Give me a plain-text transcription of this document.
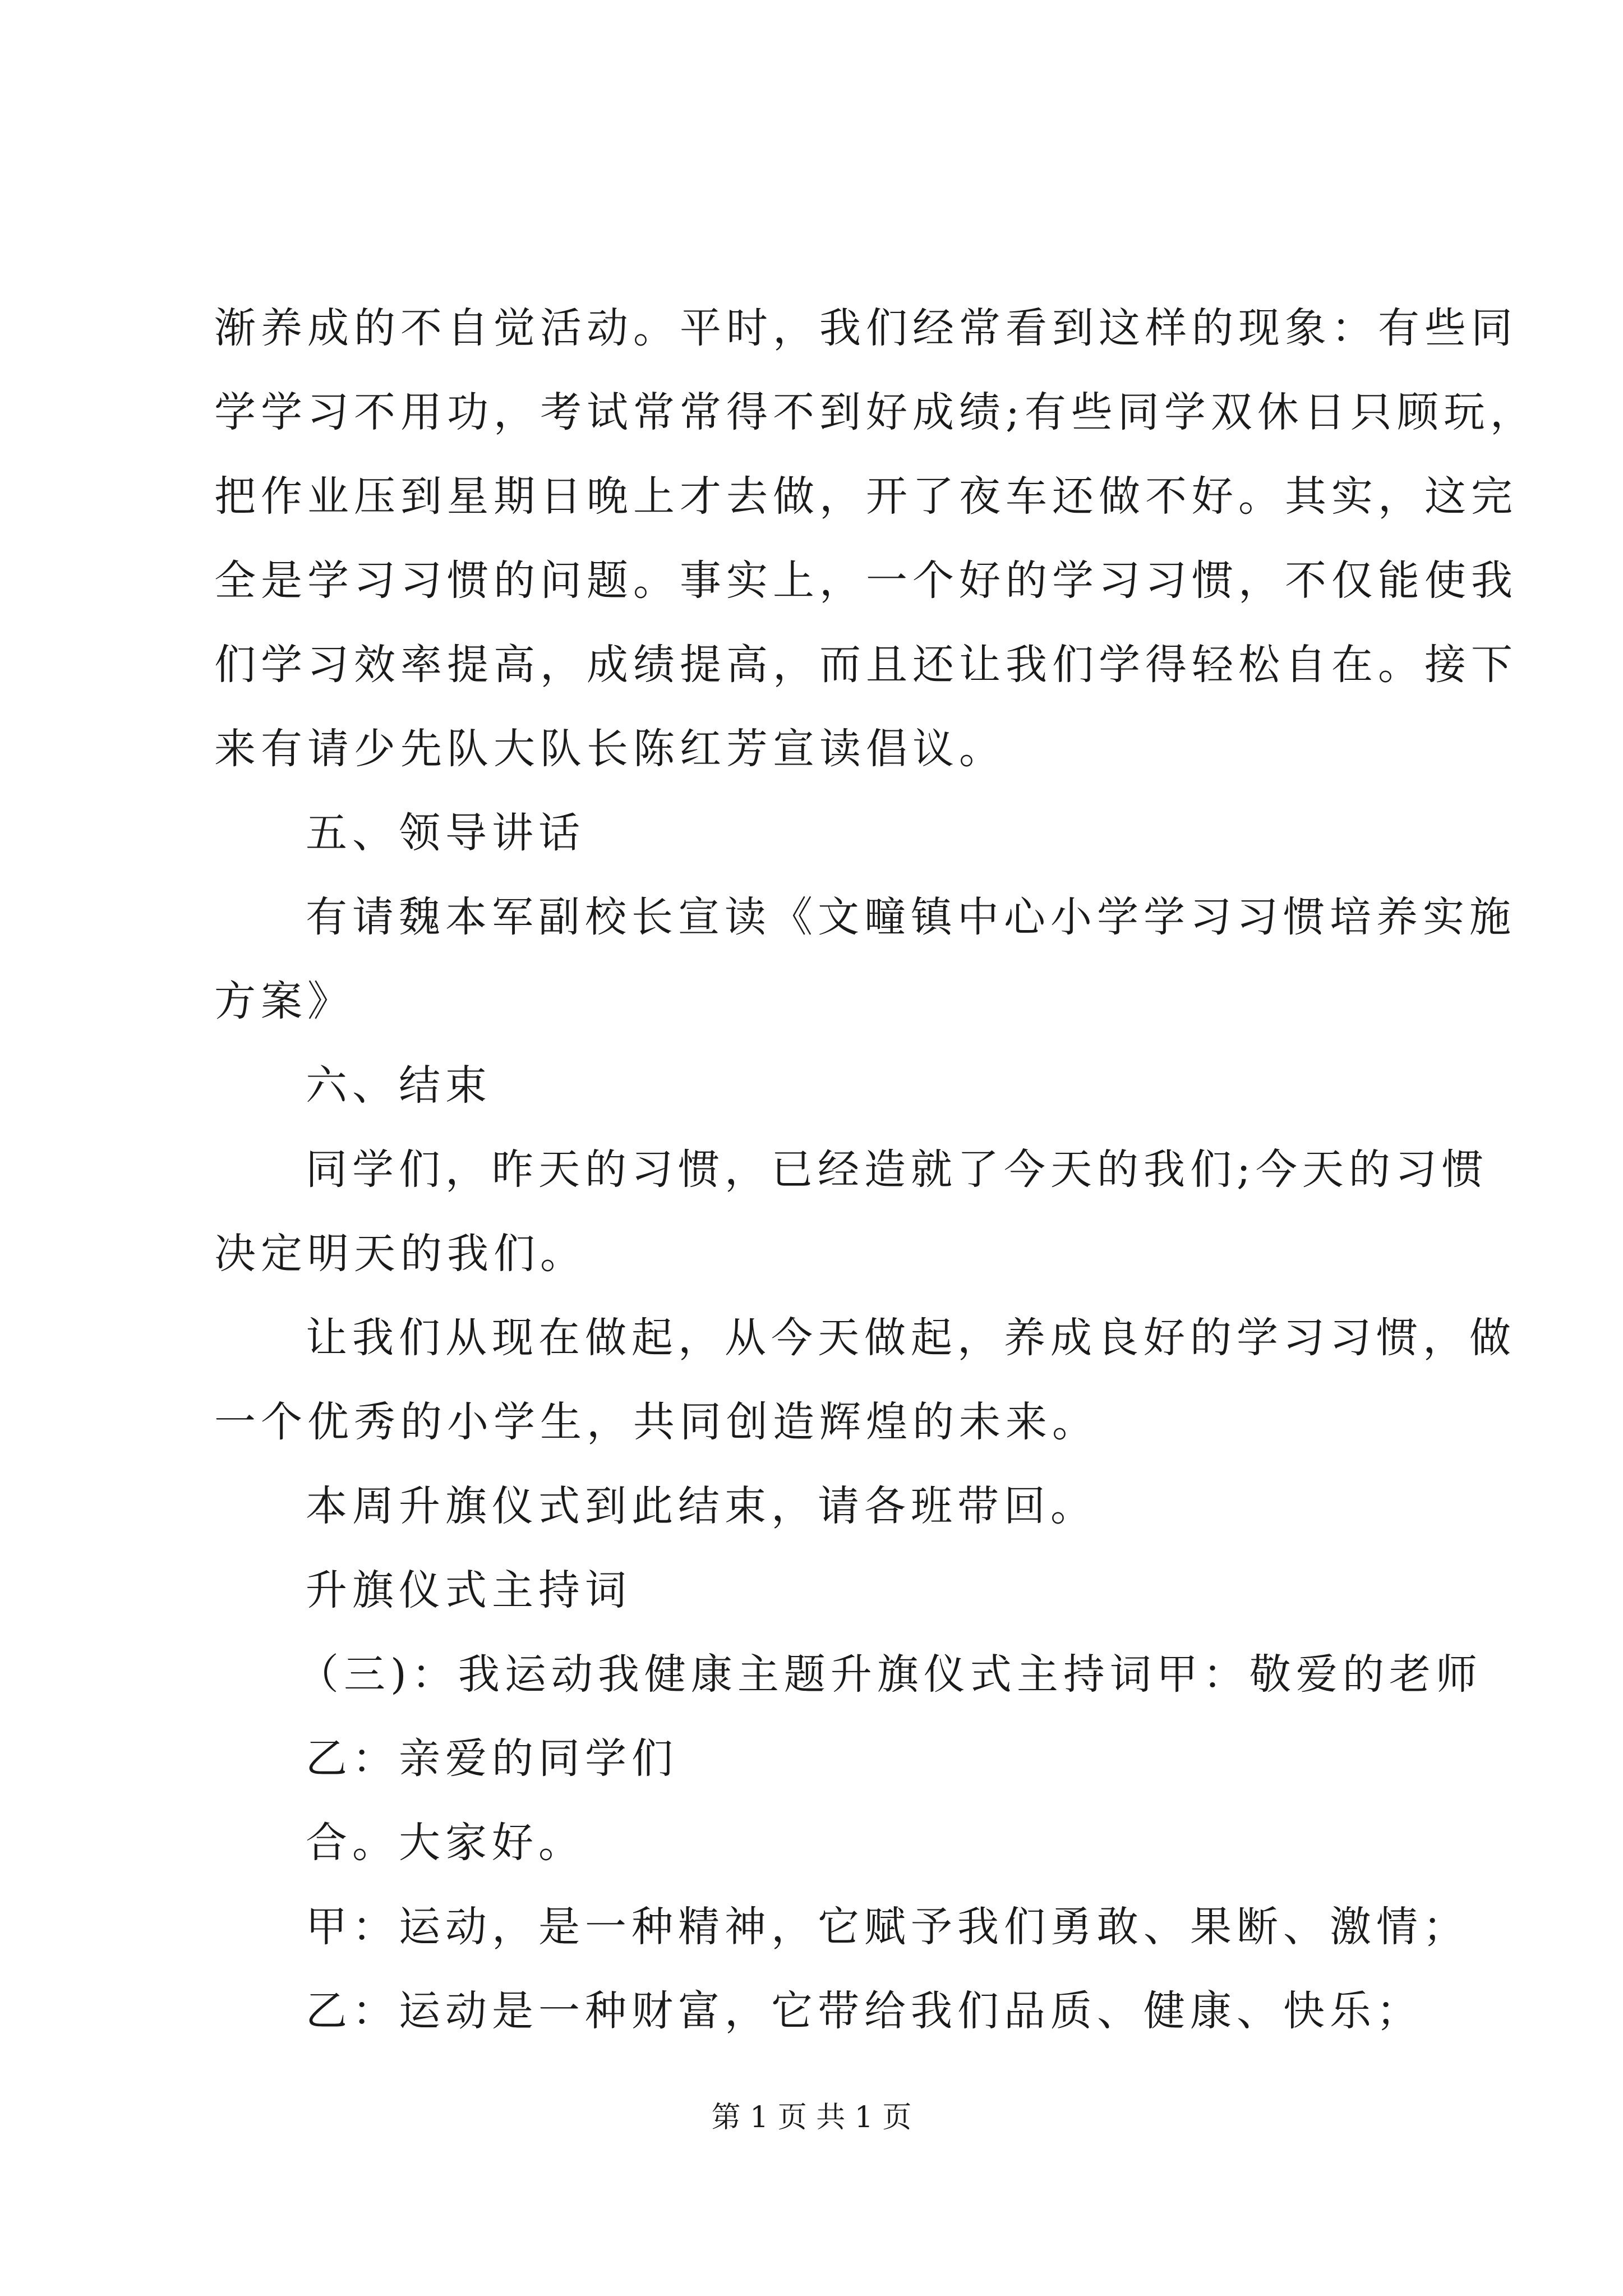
渐养成的不自觉活动。平时，我们经常看到这样的现象：有些同
学学习不用功，考试常常得不到好成绩;有些同学双休日只顾玩，
把作业压到星期日晚上才去做，开了夜车还做不好。其实，这完
全是学习习惯的问题。事实上，一个好的学习习惯，不仅能使我
们学习效率提高，成绩提高，而且还让我们学得轻松自在。接下
来有请少先队大队长陈红芳宣读倡议。
五、领导讲话
有请魏本军副校长宣读《文疃镇中心小学学习习惯培养实施
方案》
六、结束
同学们，昨天的习惯，已经造就了今天的我们;今天的习惯
决定明天的我们。
让我们从现在做起，从今天做起，养成良好的学习习惯，做
一个优秀的小学生，共同创造辉煌的未来。
本周升旗仪式到此结束，请各班带回。
升旗仪式主持词
（三)：我运动我健康主题升旗仪式主持词甲：敬爱的老师
乙：亲爱的同学们
合。大家好。
甲：运动，是一种精神，它赋予我们勇敢、果断、激情；
乙：运动是一种财富，它带给我们品质、健康、快乐；
第 1 页 共 1 页
